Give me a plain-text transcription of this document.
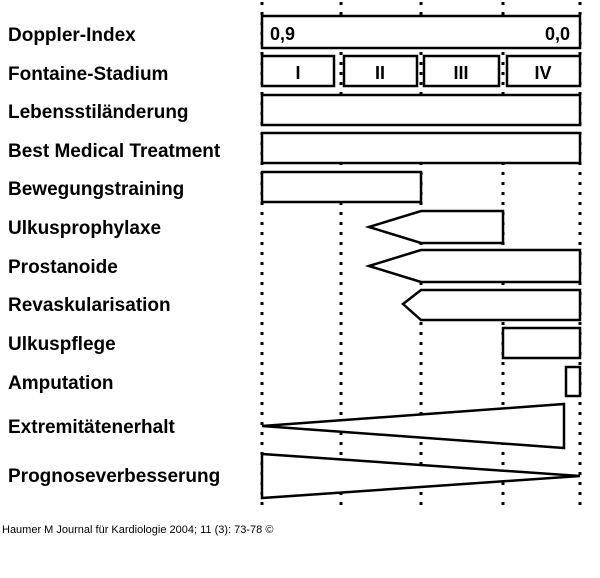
Doppler-Index
Fontaine-Stadium
Lebensstiländerung
Best Medical Treatment
Bewegungstraining
Ulkusprophylaxe
Prostanoide
Revaskularisation
Ulkuspflege
Amputation
Extremitätenerhalt
Prognoseverbesserung
0,9	0,0
I	II	III	IV
Haumer M Journal für Kardiologie 2004; 11 (3): 73-78 ©
